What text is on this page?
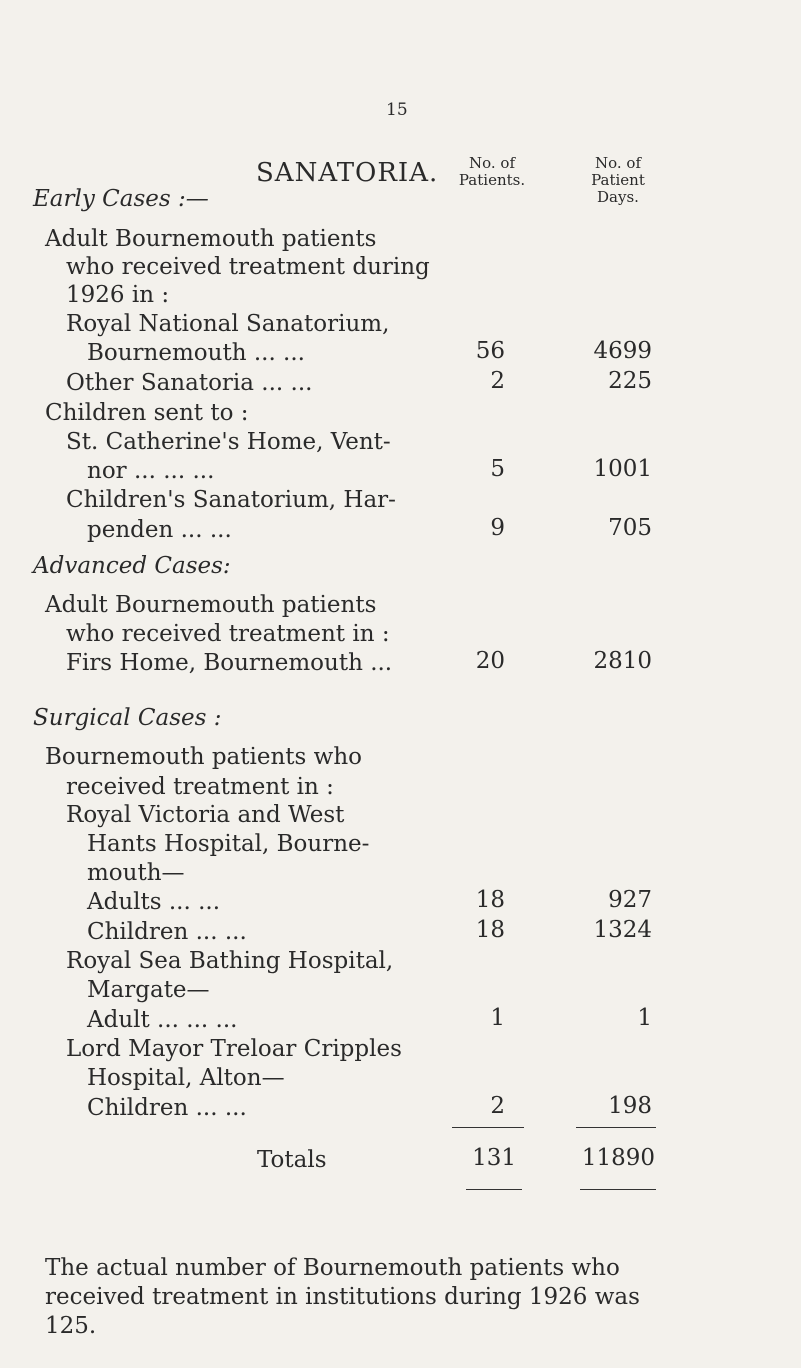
15
SANATORIA.	No. of
Patients.
No. of
Patient
Days.
Early Cases :—
Adult Bournemouth patients
who received treatment during
1926 in :
Royal National Sanatorium,
Bournemouth ... ...	56	4699
Other Sanatoria ... ...	2	225
Children sent to :
St. Catherine's Home, Vent-
nor ... ... ...	5	1001
Children's Sanatorium, Har-
penden ... ...	9	705
Advanced Cases:
Adult Bournemouth patients
who received treatment in :
Firs Home, Bournemouth ...	20	2810
Surgical Cases :
Bournemouth patients who
received treatment in :
Royal Victoria and West
Hants Hospital, Bourne-
mouth—
Adults ... ...	18	927
Children ... ...	18	1324
Royal Sea Bathing Hospital,
Margate—
Adult ... ... ...	1	1
Lord Mayor Treloar Cripples
Hospital, Alton—
Children ... ...	2	198
Totals	131	11890
The actual number of Bournemouth patients who received treatment in institutions during 1926 was 125.
